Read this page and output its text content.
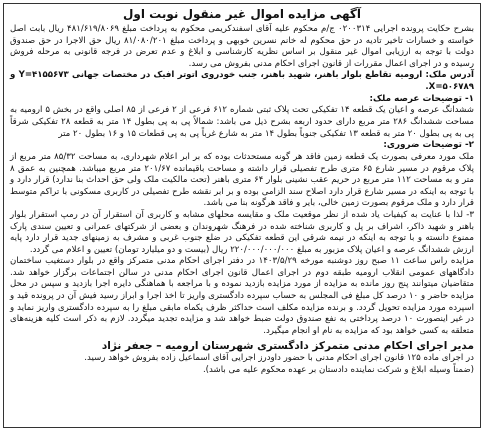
آگهی مزایده اموال غیر منقول نوبت اول

بشرح حکایت پرونده اجرایی ۰۲۰۰۳۱۴ ج/م محکوم علیه آقای اسفندکریمی محکوم به پرداخت مبلغ ۴۸۱/۶۱۹/۸۰۶۹ ریال بابت اصل خواسته و خسارات تاخیر تادیه در حق محکوم له خانم نسرین خوبهی و پرداخت مبلغ ۸۱/۰۸۰/۲۰۱ ریال حق الاجرا در حق صندوق دولت با توجه به ارزیابی اموال غیر منقول بر اساس نظریه کارشناسی و ابلاغ و عدم تعرض در فرجه قانونی به مرحله فروش رسیده و در اجرای اعمال مقررات از قانون اجرای احکام مدنی بفروش می رسد.

آدرس ملک: ارومیه تقاطع بلوار باهنر، شهید باهنر، جنب خودروی اتوتر افیک در مختصات جهانی ۴۱۵۵۶۷۳=Y و ۵۰۶۷۸۹=X.

۱- توضیحات عرصه ملک:

ششدانگ عرصه و اعیان یک قطعه ۱۴ تفکیکی تحت پلاک ثبتی شماره ۶۱۲ فرعی از ۲ فرعی از ۸۵ اصلی واقع در بخش ۵ ارومیه به مساحت ششدانگ ۲۸۶ متر مربع دارای حدود اربعه بشرح ذیل می باشد: شمالاً پی به پی بطول ۱۴ متر به قطعه ۲۸ تفکیکی شرقاً پی به پی بطول ۲۰ متر به قطعه ۱۳ تفکیکی جنوباً بطول ۱۴ متر به شارع غرباً پی به پی قطعات ۱۵ و ۱۶ بطول ۲۰ متر

۲- توضیحات ضروری:

ملک مورد معرفی بصورت یک قطعه زمین فاقد هر گونه مستحدثات بوده که بر ابر اعلام شهرداری، به مساحت ۸۵/۳۲ متر مربع از پلاک مرقوم در مسیر شارع ۶۵ متری طرح تفصیلی قرار داشته و مساحت باقیمانده ۲۰۱/۶۷ متر مربع میباشد. همچنین به عمق ۸ متر و به مساحت ۱۱۲ متر مربع در حریم عقب نشینی بلوار ۶۴ متری باهنر (تحت مالکیت ملک ولی حق احداث بنا ندارد) قرار دارد و با توجه به اینکه در مسیر شارع قرار دارد اصلاح سند الزامی بوده و بر ابر نقشه طرح تفصیلی در کاربری مسکونی با تراکم متوسط قرار دارد و ملک مرقوم بصورت زمین خالی، بایر و فاقد هرگونه بنا می باشد.

۳- لذا با عنایت به کیفیات یاد شده از نظر موقعیت ملک و مقایسه محلهای مشابه و کاربری آن استقرار آن در رمپ استقرار بلوار باهنر و شهید ذاکر، اشراف بر پل و کاربری شناخته شده در فرهنگ شهروندان و بعضی از شرکتهای عمرانی و تعیین سندی پارک ممنوع دانسته و با توجه به اینکه در نیمه شرقی این قطعه تفکیکی در ضلع جنوب غربی و مشرف به زمینهای جدید قرار دارد پایه ارزش ششدانگ عرصه و اعیان پلاک مزبور به مبلغ ۲۲۰/۰۰۰/۰۰۰/۰۰۰ ریال (بیست و دو میلیارد تومان) تعیین و اعلام می گردد.

مزایده راس ساعت ۱۱ صبح روز دوشنبه مورخه ۱۴۰۳/۵/۲۹ در دفتر اجرای احکام مدنی متمرکز واقع در بلوار دستغیب ساختمان دادگاههای عمومی انقلاب ارومیه طبقه دوم در اجرای اعمال قانون اجرای احکام مدنی در سالن اجتماعات برگزار خواهد شد. متقاضیان میتوانند پنج روز مانده به مزایده از مورد مزایده بازدید نموده و با مراجعه با هماهنگی دایره اجرا بازدید و سپس در محل مزایده حاضر و ۱۰ درصد کل مبلغ فی المجلس به حساب سپرده دادگستری واریز تا اخذ اجرا و ابراز رسید فیش آن در پرونده قید و اسپرده مورد مزایده تحویل گردد. و برنده مزایده مکلف است حداکثر ظرف یکماه مابقی مبلغ را به سپرده دادگستری واریز نماید و در غیر اینصورت ۱۰ درصد پرداختی به نفع صندوق دولت ضبط خواهد شد و مزایده تجدید میگردد. لازم به ذکر است کلیه هزینه‌های متعلقه به کسی خواهد بود که مزایده به نام او انجام میگیرد.

مدیر اجرای احکام مدنی متمرکز دادگستری شهرستان ارومیه – جعفر نژاد

در اجرای ماده ۱۲۵ قانون اجرای احکام مدنی با حضور داودرز اجرایی آقای اسماعیل زاده بفروش خواهد رسید.

(ضمناً وسیله ابلاغ و شرکت نماینده دادستان بر عهده محکوم علیه می باشد).
